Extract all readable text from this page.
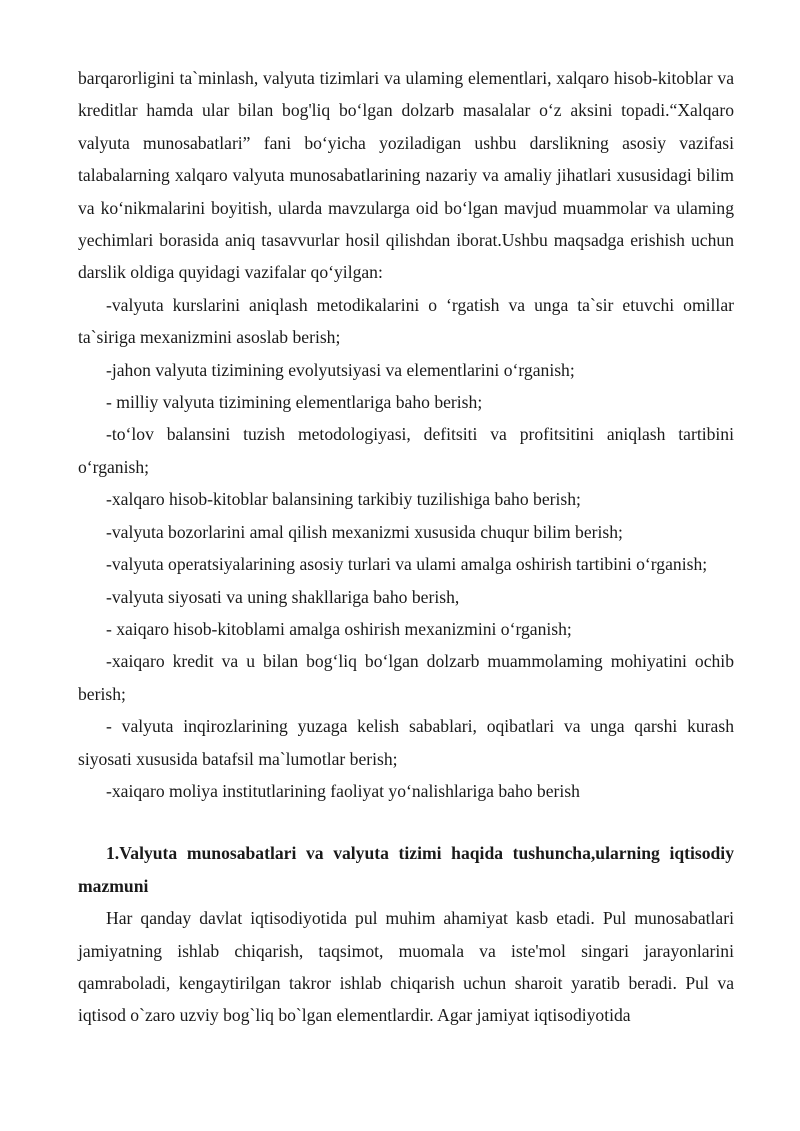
barqarorligini ta`minlash, valyuta tizimlari va ulaming elementlari, xalqaro hisob-kitoblar va kreditlar hamda ular bilan bog'liq bo‘lgan dolzarb masalalar o‘z aksini topadi.“Xalqaro valyuta munosabatlari” fani bo‘yicha yoziladigan ushbu darslikning asosiy vazifasi talabalarning xalqaro valyuta munosabatlarining nazariy va amaliy jihatlari xususidagi bilim va ko‘nikmalarini boyitish, ularda mavzularga oid bo‘lgan mavjud muammolar va ulaming yechimlari borasida aniq tasavvurlar hosil qilishdan iborat.Ushbu maqsadga erishish uchun darslik oldiga quyidagi vazifalar qo‘yilgan:

-valyuta kurslarini aniqlash metodikalarini o ‘rgatish va unga ta`sir etuvchi omillar ta`siriga mexanizmini asoslab berish;

-jahon valyuta tizimining evolyutsiyasi va elementlarini o‘rganish;

- milliy valyuta tizimining elementlariga baho berish;

-to‘lov balansini tuzish metodologiyasi, defitsiti va profitsitini aniqlash tartibini o‘rganish;

-xalqaro hisob-kitoblar balansining tarkibiy tuzilishiga baho berish;

-valyuta bozorlarini amal qilish mexanizmi xususida chuqur bilim berish;

-valyuta operatsiyalarining asosiy turlari va ulami amalga oshirish tartibini o‘rganish;

-valyuta siyosati va uning shakllariga baho berish,

- xaiqaro hisob-kitoblami amalga oshirish mexanizmini o‘rganish;

-xaiqaro kredit va u bilan bog‘liq bo‘lgan dolzarb muammolaming mohiyatini ochib berish;

- valyuta inqirozlarining yuzaga kelish sabablari, oqibatlari va unga qarshi kurash siyosati xususida batafsil ma`lumotlar berish;

-xaiqaro moliya institutlarining faoliyat yo‘nalishlariga baho berish

1.Valyuta munosabatlari va valyuta tizimi haqida tushuncha,ularning iqtisodiy mazmuni

Har qanday davlat iqtisodiyotida pul muhim ahamiyat kasb etadi. Pul munosabatlari jamiyatning ishlab chiqarish, taqsimot, muomala va iste'mol singari jarayonlarini qamraboladi, kengaytirilgan takror ishlab chiqarish uchun sharoit yaratib beradi. Pul va iqtisod o`zaro uzviy bog`liq bo`lgan elementlardir. Agar jamiyat iqtisodiyotida
